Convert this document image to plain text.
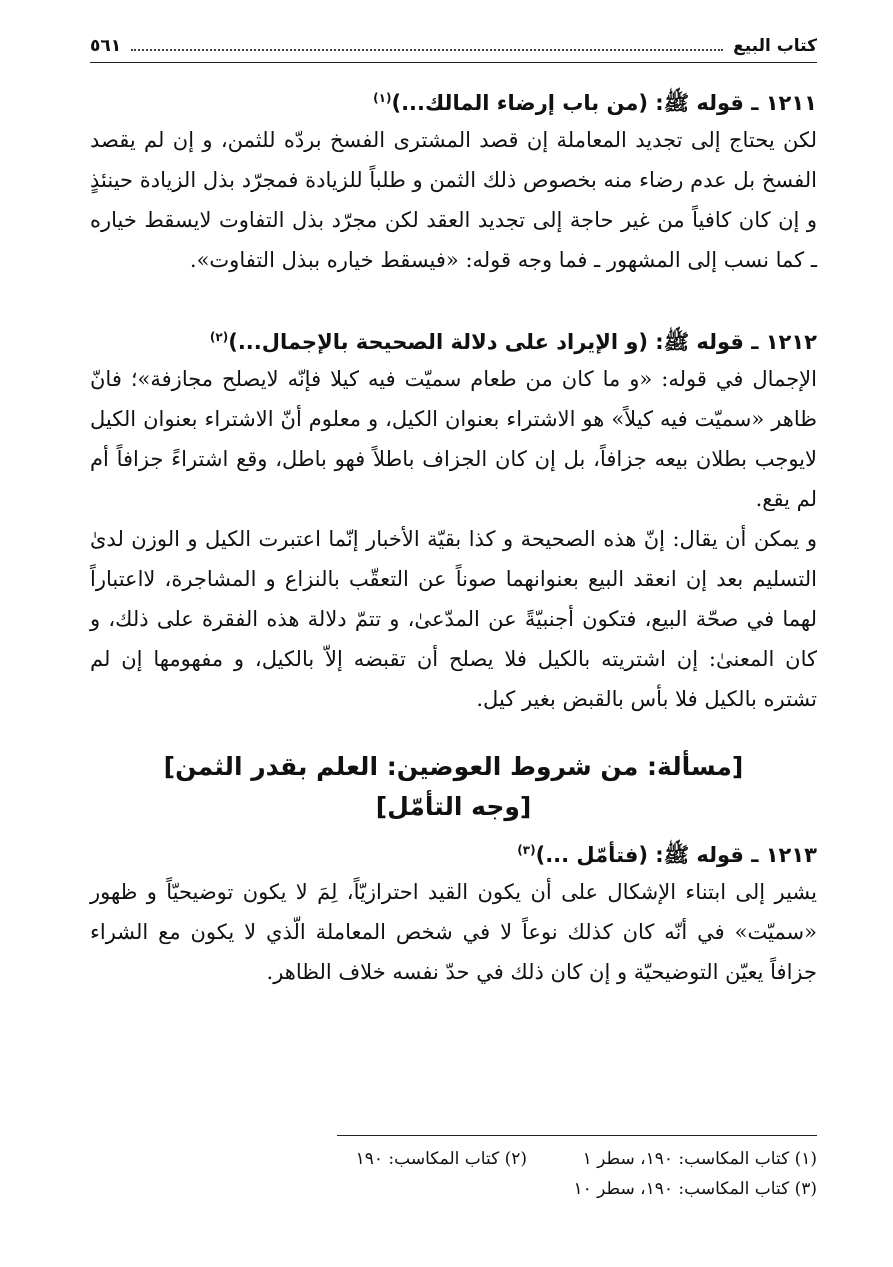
كتاب البيع
٥٦١
١٢١١ ـ قوله ﷺ: (من باب إرضاء المالك...)$^{(١)}$

لكن يحتاج إلى تجديد المعاملة إن قصد المشترى الفسخ بردّه للثمن، و إن لم يقصد الفسخ بل عدم رضاء منه بخصوص ذلك الثمن و طلباً للزيادة فمجرّد بذل الزيادة حينئذٍ و إن كان كافياً من غير حاجة إلى تجديد العقد لكن مجرّد بذل التفاوت لايسقط خياره ـ كما نسب إلى المشهور ـ فما وجه قوله: «فيسقط خياره ببذل التفاوت».

١٢١٢ ـ قوله ﷺ: (و الإيراد على دلالة الصحيحة بالإجمال...)$^{(٢)}$

الإجمال في قوله: «و ما كان من طعام سميّت فيه كيلا فإنّه لايصلح مجازفة»؛ فانّ ظاهر «سميّت فيه كيلاً» هو الاشتراء بعنوان الكيل، و معلوم أنّ الاشتراء بعنوان الكيل لايوجب بطلان بيعه جزافاً، بل إن كان الجزاف باطلاً فهو باطل، وقع اشتراءً جزافاً أم لم يقع.

و يمكن أن يقال: إنّ هذه الصحيحة و كذا بقيّة الأخبار إنّما اعتبرت الكيل و الوزن لدىٰ التسليم بعد إن انعقد البيع بعنوانهما صوناً عن التعقّب بالنزاع و المشاجرة، لااعتباراً لهما في صحّة البيع، فتكون أجنبيّةً عن المدّعىٰ، و تتمّ دلالة هذه الفقرة على ذلك، و كان المعنىٰ: إن اشتريته بالكيل فلا يصلح أن تقبضه إلاّ بالكيل، و مفهومها إن لم تشتره بالكيل فلا بأس بالقبض بغير كيل.

[مسألة: من شروط العوضين: العلم بقدر الثمن]
[وجه التأمّل]
١٢١٣ ـ قوله ﷺ: (فتأمّل ...)$^{(٣)}$

يشير إلى ابتناء الإشكال على أن يكون القيد احترازيّاً، لِمَ لا يكون توضيحيّاً و ظهور «سميّت» في أنّه كان كذلك نوعاً لا في شخص المعاملة الّذي لا يكون مع الشراء جزافاً يعيّن التوضيحيّة و إن كان ذلك في حدّ نفسه خلاف الظاهر.

(١) كتاب المكاسب: ١٩٠، سطر ١
(٢) كتاب المكاسب: ١٩٠
(٣) كتاب المكاسب: ١٩٠، سطر ١٠
